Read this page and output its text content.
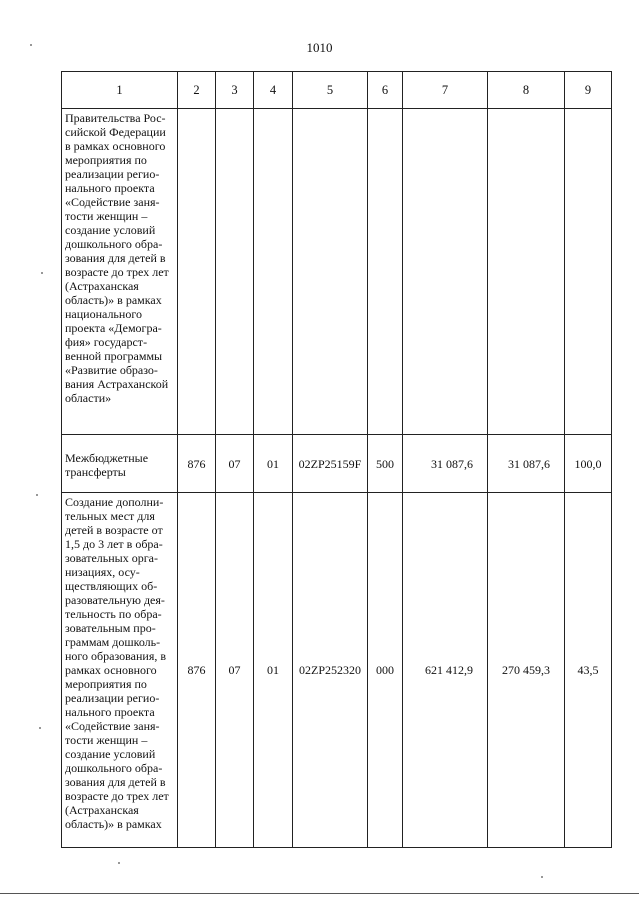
1010
1	2	3	4	5	6	7	8	9
Правительства Российской Федерации в рамках основного мероприятия по реализации регионального проекта «Содействие занятости женщин – создание условий дошкольного образования для детей в возрасте до трех лет (Астраханская область)» в рамках национального проекта «Демография» государственной программы «Развитие образования Астраханской области»								
Межбюджетные трансферты	876	07	01	02ZP25159F	500	31 087,6	31 087,6	100,0
Создание дополнительных мест для детей в возрасте от 1,5 до 3 лет в образовательных организациях, осуществляющих образовательную деятельность по образовательным программам дошкольного образования, в рамках основного мероприятия по реализации регионального проекта «Содействие занятости женщин – создание условий дошкольного образования для детей в возрасте до трех лет (Астраханская область)» в рамках	876	07	01	02ZP252320	000	621 412,9	270 459,3	43,5
